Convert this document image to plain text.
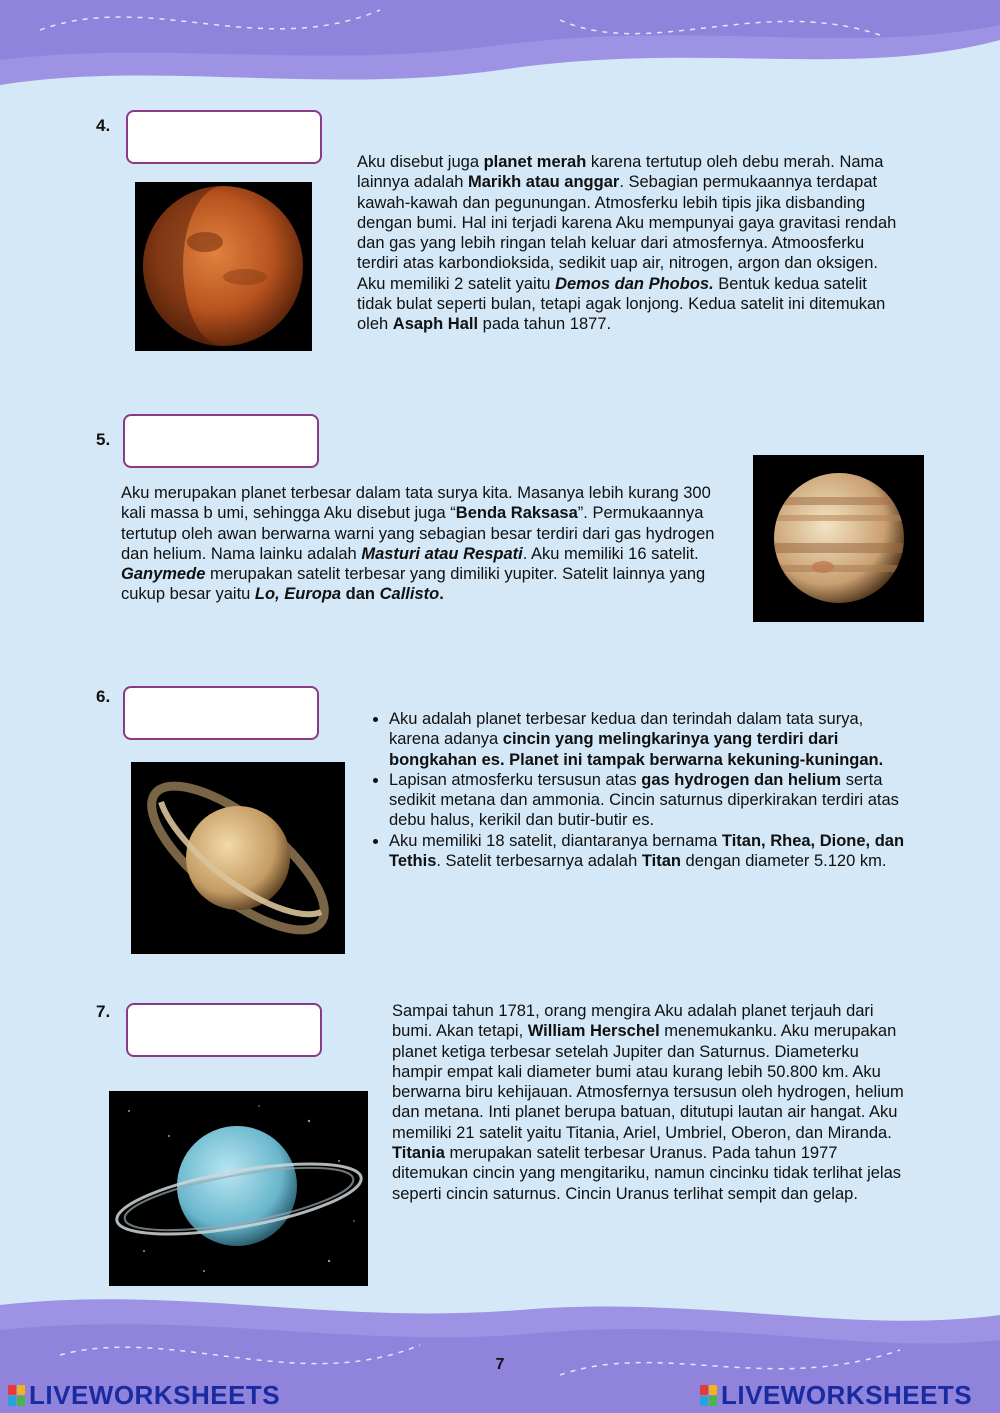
4.
Aku disebut juga planet merah karena tertutup oleh debu merah. Nama lainnya adalah Marikh atau anggar. Sebagian permukaannya terdapat kawah-kawah dan pegunungan. Atmosferku lebih tipis jika disbanding dengan bumi. Hal ini terjadi karena Aku mempunyai gaya gravitasi rendah dan gas yang lebih ringan telah keluar dari atmosfernya. Atmoosferku terdiri atas karbondioksida, sedikit uap air, nitrogen, argon dan oksigen. Aku memiliki 2 satelit yaitu Demos dan Phobos. Bentuk kedua satelit tidak bulat seperti bulan, tetapi agak lonjong. Kedua satelit ini ditemukan oleh Asaph Hall pada tahun 1877.
5.
Aku merupakan planet terbesar dalam tata surya kita. Masanya lebih kurang 300 kali massa b umi, sehingga Aku disebut juga “Benda Raksasa”. Permukaannya tertutup oleh awan berwarna warni yang sebagian besar terdiri dari gas hydrogen dan helium. Nama lainku adalah Masturi atau Respati. Aku memiliki 16 satelit. Ganymede merupakan satelit terbesar yang dimiliki yupiter. Satelit lainnya yang cukup besar yaitu Lo, Europa dan Callisto.
6.
• Aku adalah planet terbesar kedua dan terindah dalam tata surya, karena adanya cincin yang melingkarinya yang terdiri dari bongkahan es. Planet ini tampak berwarna kekuning-kuningan.
• Lapisan atmosferku tersusun atas gas hydrogen dan helium serta sedikit metana dan ammonia. Cincin saturnus diperkirakan terdiri atas debu halus, kerikil dan butir-butir es.
• Aku memiliki 18 satelit, diantaranya bernama Titan, Rhea, Dione, dan Tethis. Satelit terbesarnya adalah Titan dengan diameter 5.120 km.
7.	Sampai tahun 1781, orang mengira Aku adalah planet terjauh dari bumi. Akan tetapi, William Herschel menemukanku. Aku merupakan planet ketiga terbesar setelah Jupiter dan Saturnus. Diameterku hampir empat kali diameter bumi atau kurang lebih 50.800 km. Aku berwarna biru kehijauan. Atmosfernya tersusun oleh hydrogen, helium dan metana. Inti planet berupa batuan, ditutupi lautan air hangat. Aku memiliki 21 satelit yaitu Titania, Ariel, Umbriel, Oberon, dan Miranda. Titania merupakan satelit terbesar Uranus. Pada tahun 1977 ditemukan cincin yang mengitariku, namun cincinku tidak terlihat jelas seperti cincin saturnus. Cincin Uranus terlihat sempit dan gelap.
7
LIVEWORKSHEETS	LIVEWORKSHEETS
